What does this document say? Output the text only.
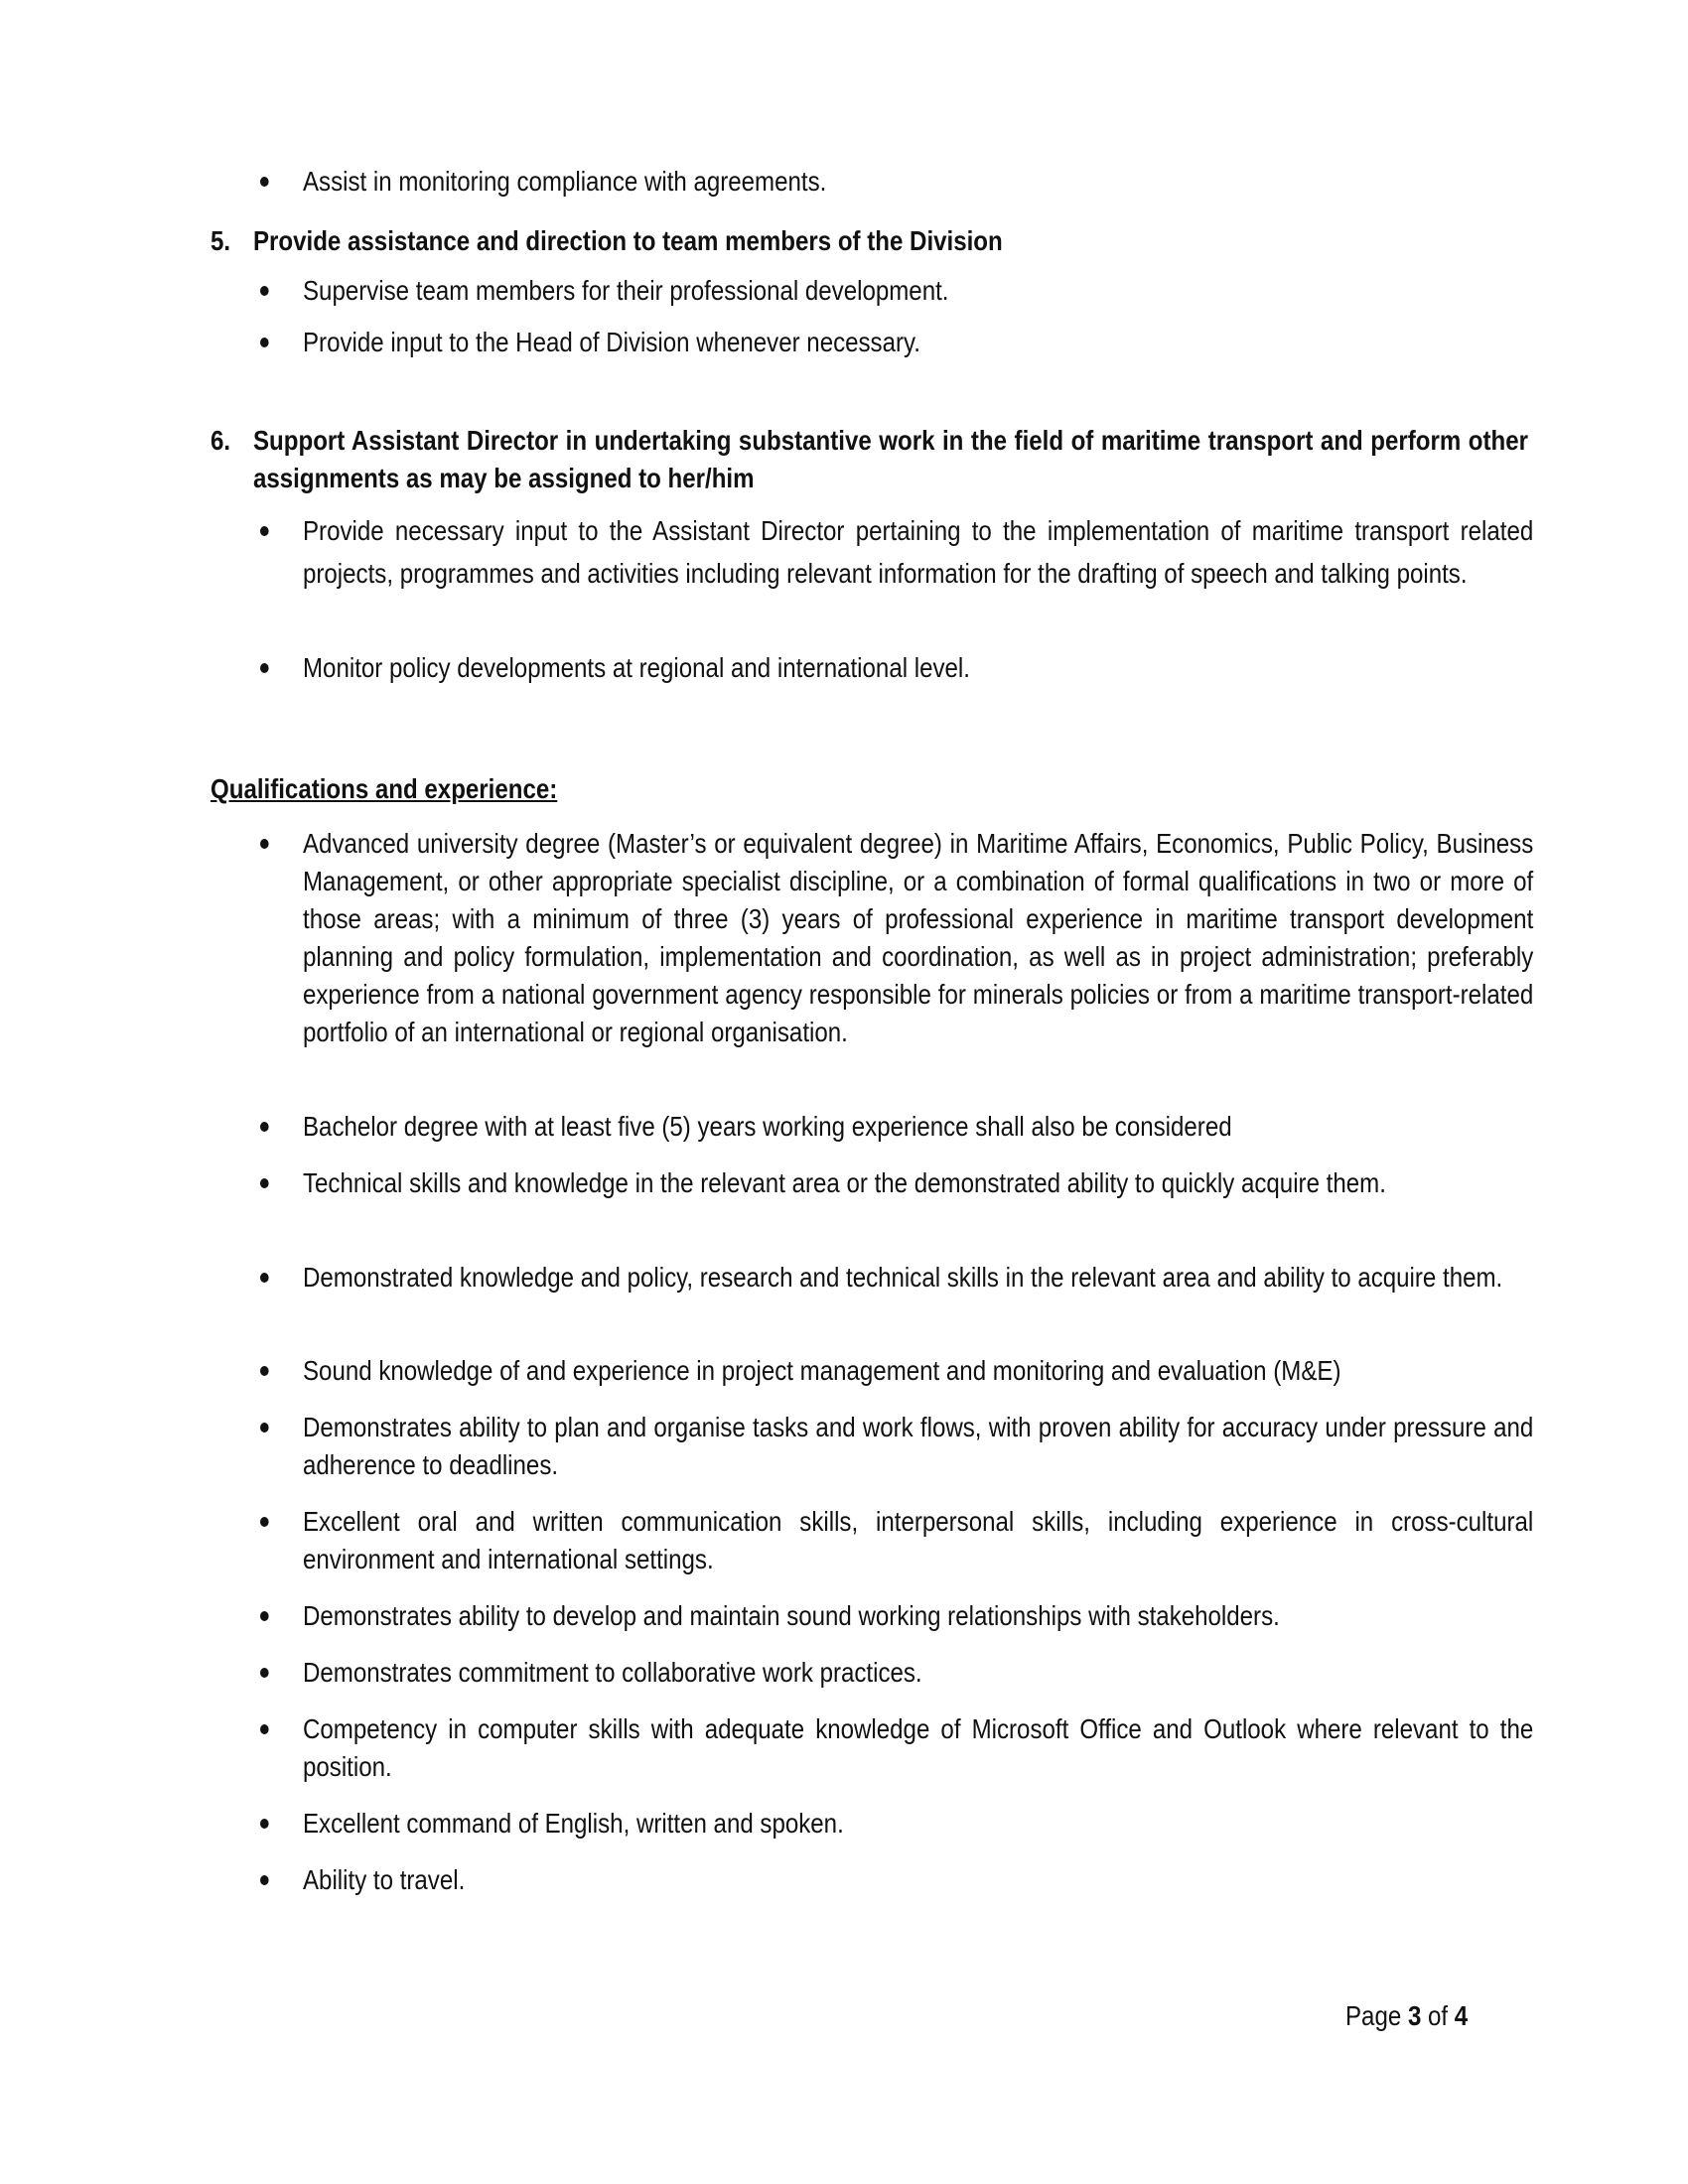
Assist in monitoring compliance with agreements.
5. Provide assistance and direction to team members of the Division
Supervise team members for their professional development.
Provide input to the Head of Division whenever necessary.
6. Support Assistant Director in undertaking substantive work in the field of maritime transport and perform other assignments as may be assigned to her/him
Provide necessary input to the Assistant Director pertaining to the implementation of maritime transport related projects, programmes and activities including relevant information for the drafting of speech and talking points.
Monitor policy developments at regional and international level.
Qualifications and experience:
Advanced university degree (Master’s or equivalent degree) in Maritime Affairs, Economics, Public Policy, Business Management, or other appropriate specialist discipline, or a combination of formal qualifications in two or more of those areas; with a minimum of three (3) years of professional experience in maritime transport development planning and policy formulation, implementation and coordination, as well as in project administration; preferably experience from a national government agency responsible for minerals policies or from a maritime transport-related portfolio of an international or regional organisation.
Bachelor degree with at least five (5) years working experience shall also be considered
Technical skills and knowledge in the relevant area or the demonstrated ability to quickly acquire them.
Demonstrated knowledge and policy, research and technical skills in the relevant area and ability to acquire them.
Sound knowledge of and experience in project management and monitoring and evaluation (M&E)
Demonstrates ability to plan and organise tasks and work flows, with proven ability for accuracy under pressure and adherence to deadlines.
Excellent oral and written communication skills, interpersonal skills, including experience in cross-cultural environment and international settings.
Demonstrates ability to develop and maintain sound working relationships with stakeholders.
Demonstrates commitment to collaborative work practices.
Competency in computer skills with adequate knowledge of Microsoft Office and Outlook where relevant to the position.
Excellent command of English, written and spoken.
Ability to travel.
Page 3 of 4
